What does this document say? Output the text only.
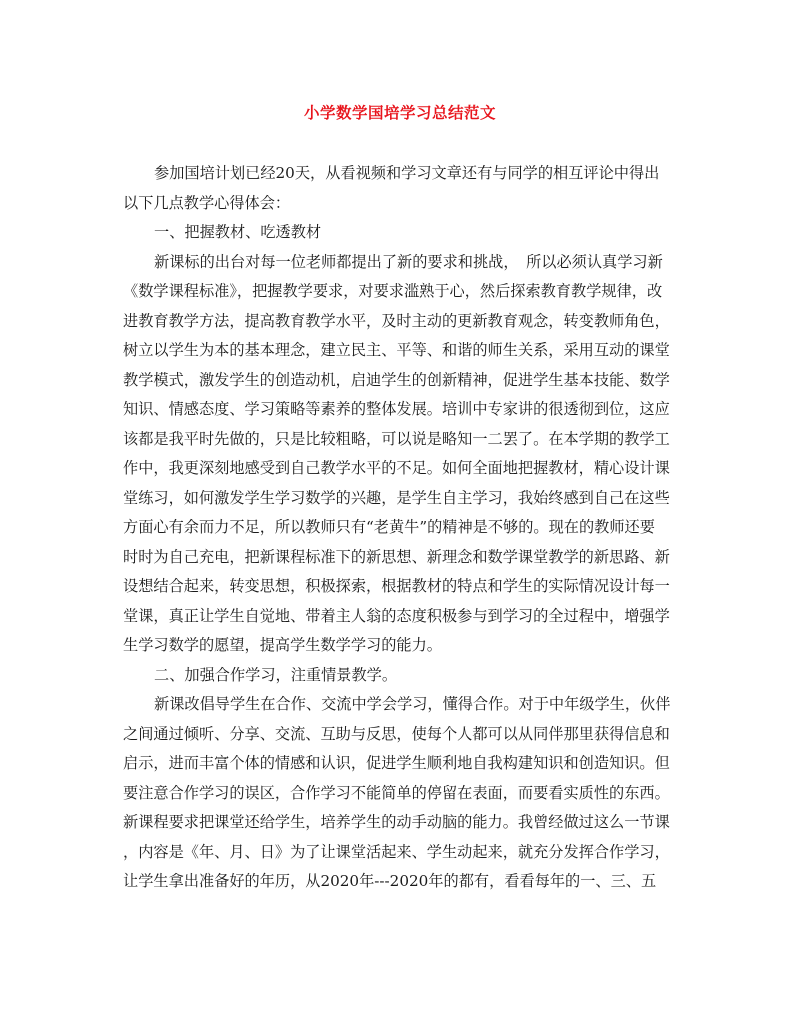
小学数学国培学习总结范文
参加国培计划已经20天，从看视频和学习文章还有与同学的相互评论中得出
以下几点教学心得体会：
一、把握教材、吃透教材
新课标的出台对每一位老师都提出了新的要求和挑战，　所以必须认真学习新
《数学课程标准》，把握教学要求，对要求滥熟于心，然后探索教育教学规律，改
进教育教学方法，提高教育教学水平，及时主动的更新教育观念，转变教师角色，
树立以学生为本的基本理念，建立民主、平等、和谐的师生关系，采用互动的课堂
教学模式，激发学生的创造动机，启迪学生的创新精神，促进学生基本技能、数学
知识、情感态度、学习策略等素养的整体发展。培训中专家讲的很透彻到位，这应
该都是我平时先做的，只是比较粗略，可以说是略知一二罢了。在本学期的教学工
作中，我更深刻地感受到自己教学水平的不足。如何全面地把握教材，精心设计课
堂练习，如何激发学生学习数学的兴趣，是学生自主学习，我始终感到自己在这些
方面心有余而力不足，所以教师只有“老黄牛”的精神是不够的。现在的教师还要
时时为自己充电，把新课程标准下的新思想、新理念和数学课堂教学的新思路、新
设想结合起来，转变思想，积极探索，根据教材的特点和学生的实际情况设计每一
堂课，真正让学生自觉地、带着主人翁的态度积极参与到学习的全过程中，增强学
生学习数学的愿望，提高学生数学学习的能力。
二、加强合作学习，注重情景教学。
新课改倡导学生在合作、交流中学会学习，懂得合作。对于中年级学生，伙伴
之间通过倾听、分享、交流、互助与反思，使每个人都可以从同伴那里获得信息和
启示，进而丰富个体的情感和认识，促进学生顺利地自我构建知识和创造知识。但
要注意合作学习的误区，合作学习不能简单的停留在表面，而要看实质性的东西。
新课程要求把课堂还给学生，培养学生的动手动脑的能力。我曾经做过这么一节课
，内容是《年、月、日》为了让课堂活起来、学生动起来，就充分发挥合作学习，
让学生拿出准备好的年历，从2020年---2020年的都有，看看每年的一、三、五
